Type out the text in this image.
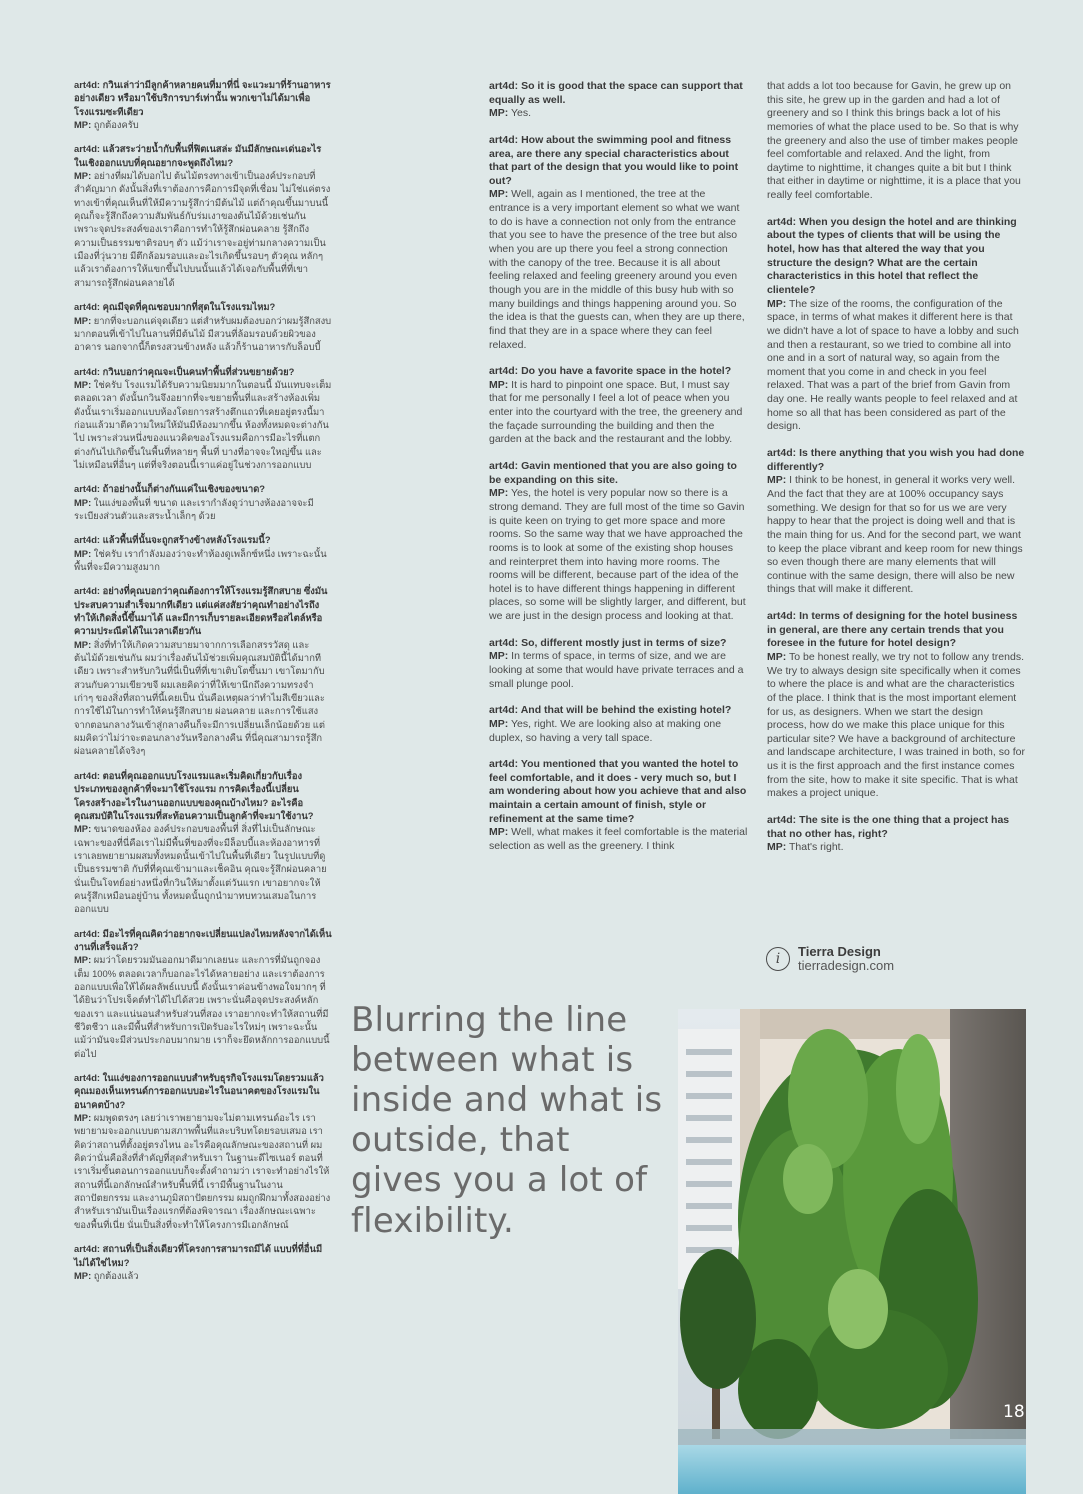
art4d: กวินเล่าว่ามีลูกค้าหลายคนที่มาที่นี่ จะแวะมาที่ร้านอาหารอย่างเดียว หรือมาใช้บริการบาร์เท่านั้น พวกเขาไม่ได้มาเพื่อโรงแรมซะทีเดียว

MP: ถูกต้องครับ

art4d: แล้วสระว่ายน้ำกับพื้นที่ฟิตเนสล่ะ มันมีลักษณะเด่นอะไรในเชิงออกแบบที่คุณอยากจะพูดถึงไหม?

MP: อย่างที่ผมได้บอกไป ต้นไม้ตรงทางเข้าเป็นองค์ประกอบที่สำคัญมาก ดังนั้นสิ่งที่เราต้องการคือการมีจุดที่เชื่อม ไม่ใช่แค่ตรงทางเข้าที่คุณเห็นที่ให้มีความรู้สึกว่ามีต้นไม้ แต่ถ้าคุณขึ้นมาบนนี้คุณก็จะรู้สึกถึงความสัมพันธ์กับร่มเงาของต้นไม้ด้วยเช่นกัน เพราะจุดประสงค์ของเราคือการทำให้รู้สึกผ่อนคลาย รู้สึกถึงความเป็นธรรมชาติรอบๆ ตัว แม้ว่าเราจะอยู่ท่ามกลางความเป็นเมืองที่วุ่นวาย มีตึกล้อมรอบและอะไรเกิดขึ้นรอบๆ ตัวคุณ หลักๆ แล้วเราต้องการให้แขกขึ้นไปบนนั้นแล้วได้เจอกับพื้นที่ที่เขาสามารถรู้สึกผ่อนคลายได้

art4d: คุณมีจุดที่คุณชอบมากที่สุดในโรงแรมไหม?

MP: ยากที่จะบอกแค่จุดเดียว แต่สำหรับผมต้องบอกว่าผมรู้สึกสงบมากตอนที่เข้าไปในลานที่มีต้นไม้ มีสวนที่ล้อมรอบด้วยผิวของอาคาร นอกจากนี้ก็ตรงสวนข้างหลัง แล้วก็ร้านอาหารกับล็อบบี้

art4d: กวินบอกว่าคุณจะเป็นคนทำพื้นที่ส่วนขยายด้วย?

MP: ใช่ครับ โรงแรมได้รับความนิยมมากในตอนนี้ มันแทบจะเต็มตลอดเวลา ดังนั้นกวินจึงอยากที่จะขยายพื้นที่และสร้างห้องเพิ่ม ดังนั้นเราเริ่มออกแบบห้องโดยการสร้างตึกแถวที่เคยอยู่ตรงนี้มาก่อนแล้วมาตีความใหม่ให้มันมีห้องมากขึ้น ห้องทั้งหมดจะต่างกันไป เพราะส่วนหนึ่งของแนวคิดของโรงแรมคือการมีอะไรที่แตกต่างกันไปเกิดขึ้นในพื้นที่หลายๆ พื้นที่ บางที่อาจจะใหญ่ขึ้น และไม่เหมือนที่อื่นๆ แต่ที่จริงตอนนี้เราแค่อยู่ในช่วงการออกแบบ

art4d: ถ้าอย่างนั้นก็ต่างกันแค่ในเชิงของขนาด?

MP: ในแง่ของพื้นที่ ขนาด และเรากำลังดูว่าบางห้องอาจจะมีระเบียงส่วนตัวและสระน้ำเล็กๆ ด้วย

art4d: แล้วพื้นที่นั้นจะถูกสร้างข้างหลังโรงแรมนี้?

MP: ใช่ครับ เรากำลังมองว่าจะทำห้องดูเพล็กซ์หนึ่ง เพราะฉะนั้นพื้นที่จะมีความสูงมาก

art4d: อย่างที่คุณบอกว่าคุณต้องการให้โรงแรมรู้สึกสบาย ซึ่งมันประสบความสำเร็จมากทีเดียว แต่แค่สงสัยว่าคุณทำอย่างไรถึงทำให้เกิดสิ่งนี้ขึ้นมาได้ และมีการเก็บรายละเอียดหรือสไตล์หรือความประณีตได้ในเวลาเดียวกัน

MP: สิ่งที่ทำให้เกิดความสบายมาจากการเลือกสรรวัสดุ และต้นไม้ด้วยเช่นกัน ผมว่าเรื่องต้นไม้ช่วยเพิ่มคุณสมบัตินี้ได้มากทีเดียว เพราะสำหรับกวินที่นี่เป็นที่ที่เขาเติบโตขึ้นมา เขาโตมากับสวนกับความเขียวขจี ผมเลยคิดว่าที่ให้เขานึกถึงความทรงจำเก่าๆ ของสิ่งที่สถานที่นี้เคยเป็น นั่นคือเหตุผลว่าทำไมสีเขียวและการใช้ไม้ในการทำให้คนรู้สึกสบาย ผ่อนคลาย และการใช้แสงจากตอนกลางวันเข้าสู่กลางคืนก็จะมีการเปลี่ยนเล็กน้อยด้วย แต่ผมคิดว่าไม่ว่าจะตอนกลางวันหรือกลางคืน ที่นี่คุณสามารถรู้สึกผ่อนคลายได้จริงๆ

art4d: ตอนที่คุณออกแบบโรงแรมและเริ่มคิดเกี่ยวกับเรื่องประเภทของลูกค้าที่จะมาใช้โรงแรม การคิดเรื่องนี้เปลี่ยนโครงสร้างอะไรในงานออกแบบของคุณบ้างไหม? อะไรคือคุณสมบัติในโรงแรมที่สะท้อนความเป็นลูกค้าที่จะมาใช้งาน?

MP: ขนาดของห้อง องค์ประกอบของพื้นที่ สิ่งที่ไม่เป็นลักษณะเฉพาะของที่นี่คือเราไม่มีพื้นที่ของที่จะมีล็อบบี้และห้องอาหารที่เราเลยพยายามผสมทั้งหมดนั้นเข้าไปในพื้นที่เดียว ในรูปแบบที่ดูเป็นธรรมชาติ กับที่ที่คุณเข้ามาและเช็คอิน คุณจะรู้สึกผ่อนคลายนั่นเป็นโจทย์อย่างหนึ่งที่กวินให้มาตั้งแต่วันแรก เขาอยากจะให้คนรู้สึกเหมือนอยู่บ้าน ทั้งหมดนั้นถูกนำมาทบทวนเสมอในการออกแบบ

art4d: มีอะไรที่คุณคิดว่าอยากจะเปลี่ยนแปลงไหมหลังจากได้เห็นงานที่เสร็จแล้ว?

MP: ผมว่าโดยรวมมันออกมาดีมากเลยนะ และการที่มันถูกจองเต็ม 100% ตลอดเวลาก็บอกอะไรได้หลายอย่าง และเราต้องการออกแบบเพื่อให้ได้ผลลัพธ์แบบนี้ ดังนั้นเราค่อนข้างพอใจมากๆ ที่ได้ยินว่าโปรเจ็คต์ทำได้ไปได้สวย เพราะนั่นคือจุดประสงค์หลักของเรา และแน่นอนสำหรับส่วนที่สอง เราอยากจะทำให้สถานที่มีชีวิตชีวา และมีพื้นที่สำหรับการเปิดรับอะไรใหม่ๆ เพราะฉะนั้นแม้ว่ามันจะมีส่วนประกอบมากมาย เราก็จะยึดหลักการออกแบบนี้ต่อไป

art4d: ในแง่ของการออกแบบสำหรับธุรกิจโรงแรมโดยรวมแล้ว คุณมองเห็นเทรนด์การออกแบบอะไรในอนาคตของโรงแรมในอนาคตบ้าง?

MP: ผมพูดตรงๆ เลยว่าเราพยายามจะไม่ตามเทรนด์อะไร เราพยายามจะออกแบบตามสภาพพื้นที่และบริบทโดยรอบเสมอ เราคิดว่าสถานที่ตั้งอยู่ตรงไหน อะไรคือคุณลักษณะของสถานที่ ผมคิดว่านั่นคือสิ่งที่สำคัญที่สุดสำหรับเรา ในฐานะดีไซเนอร์ ตอนที่เราเริ่มขั้นตอนการออกแบบก็จะตั้งคำถามว่า เราจะทำอย่างไรให้สถานที่นี้เอกลักษณ์สำหรับพื้นที่นี้ เรามีพื้นฐานในงานสถาปัตยกรรม และงานภูมิสถาปัตยกรรม ผมถูกฝึกมาทั้งสองอย่าง สำหรับเรามันเป็นเรื่องแรกที่ต้องพิจารณา เรื่องลักษณะเฉพาะของพื้นที่เนี่ย นั่นเป็นสิ่งที่จะทำให้โครงการมีเอกลักษณ์

art4d: สถานที่เป็นสิ่งเดียวที่โครงการสามารถมีได้ แบบที่ที่อื่นมีไม่ได้ใช่ไหม?

MP: ถูกต้องแล้ว

art4d: So it is good that the space can support that equally as well.

MP: Yes.

art4d: How about the swimming pool and fitness area, are there any special characteristics about that part of the design that you would like to point out?

MP: Well, again as I mentioned, the tree at the entrance is a very important element so what we want to do is have a connection not only from the entrance that you see to have the presence of the tree but also when you are up there you feel a strong connection with the canopy of the tree. Because it is all about feeling relaxed and feeling greenery around you even though you are in the middle of this busy hub with so many buildings and things happening around you. So the idea is that the guests can, when they are up there, find that they are in a space where they can feel relaxed.

art4d: Do you have a favorite space in the hotel?

MP: It is hard to pinpoint one space. But, I must say that for me personally I feel a lot of peace when you enter into the courtyard with the tree, the greenery and the façade surrounding the building and then the garden at the back and the restaurant and the lobby.

art4d: Gavin mentioned that you are also going to be expanding on this site.

MP: Yes, the hotel is very popular now so there is a strong demand. They are full most of the time so Gavin is quite keen on trying to get more space and more rooms. So the same way that we have approached the rooms is to look at some of the existing shop houses and reinterpret them into having more rooms. The rooms will be different, because part of the idea of the hotel is to have different things happening in different places, so some will be slightly larger, and different, but we are just in the design process and looking at that.

art4d: So, different mostly just in terms of size?

MP: In terms of space, in terms of size, and we are looking at some that would have private terraces and a small plunge pool.

art4d: And that will be behind the existing hotel?

MP: Yes, right. We are looking also at making one duplex, so having a very tall space.

art4d: You mentioned that you wanted the hotel to feel comfortable, and it does - very much so, but I am wondering about how you achieve that and also maintain a certain amount of finish, style or refinement at the same time?

MP: Well, what makes it feel comfortable is the material selection as well as the greenery. I think

that adds a lot too because for Gavin, he grew up on this site, he grew up in the garden and had a lot of greenery and so I think this brings back a lot of his memories of what the place used to be. So that is why the greenery and also the use of timber makes people feel comfortable and relaxed. And the light, from daytime to nighttime, it changes quite a bit but I think that either in daytime or nighttime, it is a place that you really feel comfortable.

art4d: When you design the hotel and are thinking about the types of clients that will be using the hotel, how has that altered the way that you structure the design? What are the certain characteristics in this hotel that reflect the clientele?

MP: The size of the rooms, the configuration of the space, in terms of what makes it different here is that we didn't have a lot of space to have a lobby and such and then a restaurant, so we tried to combine all into one and in a sort of natural way, so again from the moment that you come in and check in you feel relaxed. That was a part of the brief from Gavin from day one. He really wants people to feel relaxed and at home so all that has been considered as part of the design.

art4d: Is there anything that you wish you had done differently?

MP: I think to be honest, in general it works very well. And the fact that they are at 100% occupancy says something. We design for that so for us we are very happy to hear that the project is doing well and that is the main thing for us. And for the second part, we want to keep the place vibrant and keep room for new things so even though there are many elements that will continue with the same design, there will also be new things that will make it different.

art4d: In terms of designing for the hotel business in general, are there any certain trends that you foresee in the future for hotel design?

MP: To be honest really, we try not to follow any trends. We try to always design site specifically when it comes to where the place is and what are the characteristics of the place. I think that is the most important element for us, as designers. When we start the design process, how do we make this place unique for this particular site? We have a background of architecture and landscape architecture, I was trained in both, so for us it is the first approach and the first instance comes from the site, how to make it site specific. That is what makes a project unique.

art4d: The site is the one thing that a project has that no other has, right?

MP: That's right.

i	Tierra Design
tierradesign.com
Blurring the line between what is inside and what is outside, that gives you a lot of flexibility.
18
